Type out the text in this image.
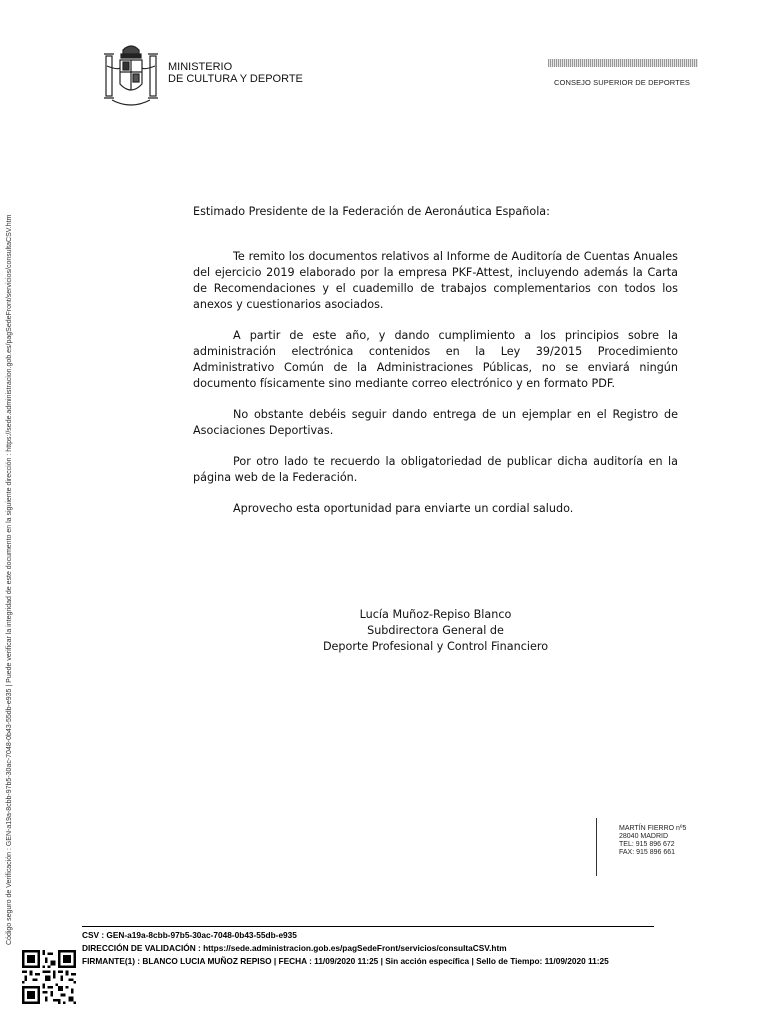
Código seguro de Verificación : GEN-a19a-8cbb-97b5-30ac-7048-0b43-55db-e935 | Puede verificar la integridad de este documento en la siguiente dirección : https://sede.administracion.gob.es/pagSedeFront/servicios/consultaCSV.htm
MINISTERIO
DE CULTURA Y DEPORTE	CONSEJO SUPERIOR DE DEPORTES

Estimado Presidente de la Federación de Aeronáutica Española:

Te remito los documentos relativos al Informe de Auditoría de Cuentas Anuales del ejercicio 2019 elaborado por la empresa PKF-Attest, incluyendo además la Carta de Recomendaciones y el cuademillo de trabajos complementarios con todos los anexos y cuestionarios asociados.

A partir de este año, y dando cumplimiento a los principios sobre la administración electrónica contenidos en la Ley 39/2015 Procedimiento Administrativo Común de la Administraciones Públicas, no se enviará ningún documento físicamente sino mediante correo electrónico y en formato PDF.

No obstante debéis seguir dando entrega de un ejemplar en el Registro de Asociaciones Deportivas.

Por otro lado te recuerdo la obligatoriedad de publicar dicha auditoría en la página web de la Federación.

Aprovecho esta oportunidad para enviarte un cordial saludo.

Lucía Muñoz-Repiso Blanco
Subdirectora General de
Deporte Profesional y Control Financiero
MARTÍN FIERRO nº5
28040 MADRID
TEL: 915 896 672
FAX: 915 896 661
CSV : GEN-a19a-8cbb-97b5-30ac-7048-0b43-55db-e935
DIRECCIÓN DE VALIDACIÓN : https://sede.administracion.gob.es/pagSedeFront/servicios/consultaCSV.htm
FIRMANTE(1) : BLANCO LUCIA MUÑOZ REPISO | FECHA : 11/09/2020 11:25 | Sin acción específica | Sello de Tiempo: 11/09/2020 11:25
